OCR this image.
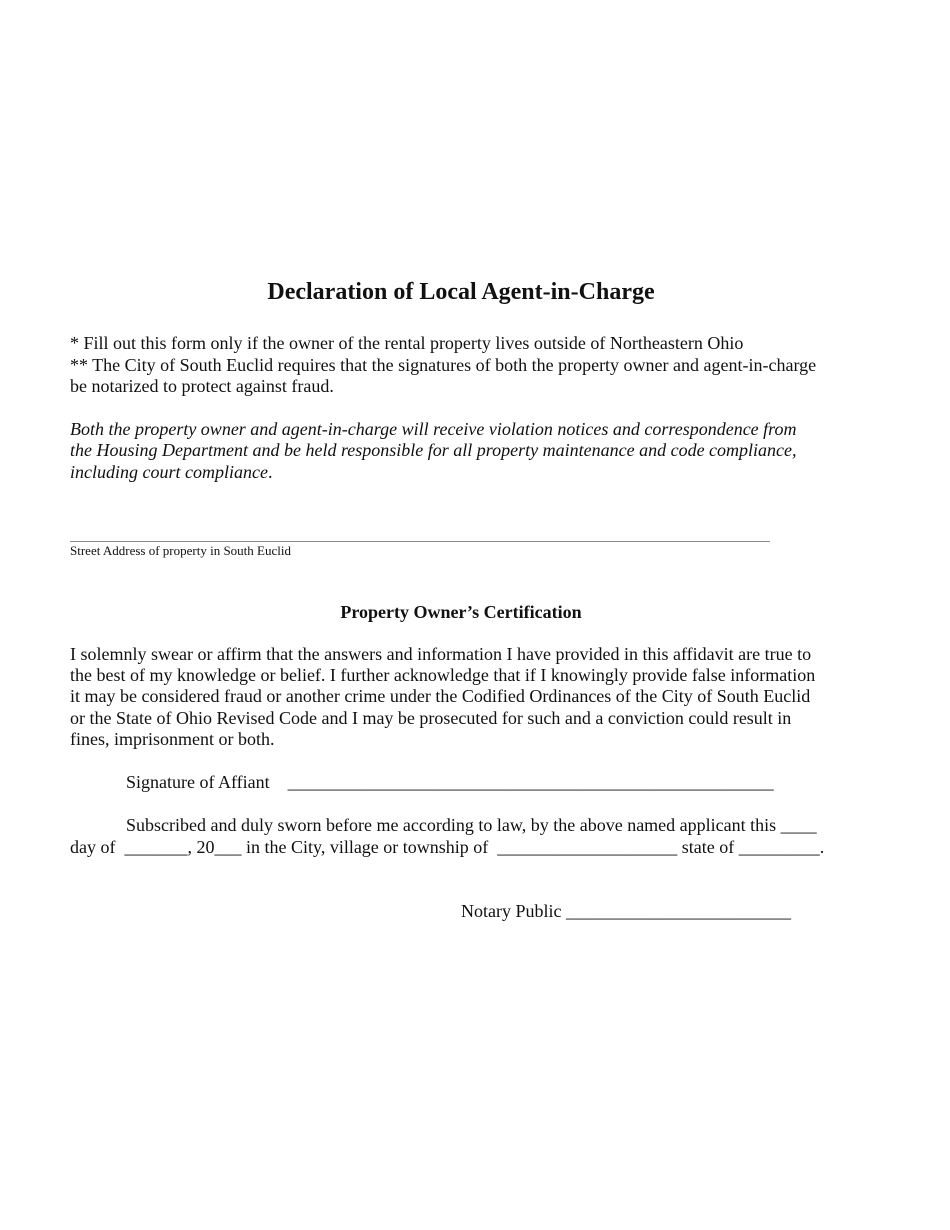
Declaration of Local Agent-in-Charge
* Fill out this form only if the owner of the rental property lives outside of Northeastern Ohio
** The City of South Euclid requires that the signatures of both the property owner and agent-in-charge
be notarized to protect against fraud.
Both the property owner and agent-in-charge will receive violation notices and correspondence from
the Housing Department and be held responsible for all property maintenance and code compliance,
including court compliance.
Street Address of property in South Euclid
Property Owner’s Certification
I solemnly swear or affirm that the answers and information I have provided in this affidavit are true to
the best of my knowledge or belief. I further acknowledge that if I knowingly provide false information
it may be considered fraud or another crime under the Codified Ordinances of the City of South Euclid
or the State of Ohio Revised Code and I may be prosecuted for such and a conviction could result in
fines, imprisonment or both.
Signature of Affiant    ______________________________________________________
Subscribed and duly sworn before me according to law, by the above named applicant this ____
day of  _______, 20___ in the City, village or township of  ____________________ state of _________.
Notary Public _________________________
